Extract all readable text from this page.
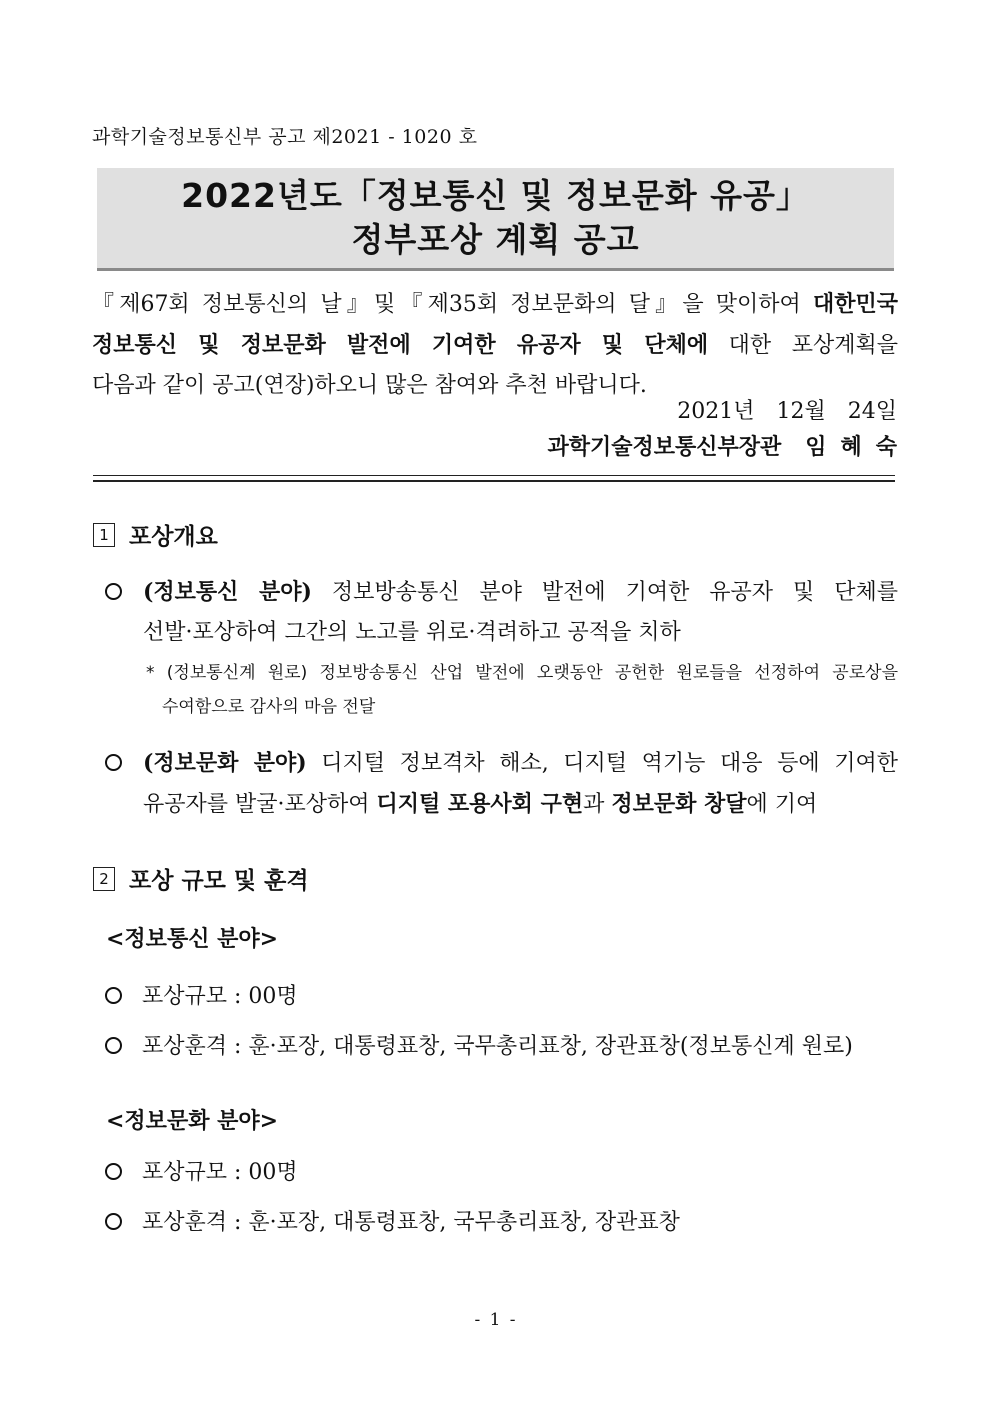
과학기술정보통신부 공고 제2021 - 1020 호
2022년도「정보통신 및 정보문화 유공」
정부포상 계획 공고

『제67회 정보통신의 날』및『제35회 정보문화의 달』을 맞이하여 대한민국

정보통신 및 정보문화 발전에 기여한 유공자 및 단체에 대한 포상계획을

다음과 같이 공고(연장)하오니 많은 참여와 추천 바랍니다.

2021년 12월 24일
과학기술정보통신부장관 임혜숙
1 포상개요

(정보통신 분야) 정보방송통신 분야 발전에 기여한 유공자 및 단체를

선발·포상하여 그간의 노고를 위로·격려하고 공적을 치하

* (정보통신계 원로) 정보방송통신 산업 발전에 오랫동안 공헌한 원로들을 선정하여 공로상을

수여함으로 감사의 마음 전달

(정보문화 분야) 디지털 정보격차 해소, 디지털 역기능 대응 등에 기여한

유공자를 발굴·포상하여 디지털 포용사회 구현과 정보문화 창달에 기여

2 포상 규모 및 훈격
<정보통신 분야>
포상규모 : 00명
포상훈격 : 훈·포장, 대통령표창, 국무총리표창, 장관표창(정보통신계 원로)
<정보문화 분야>
포상규모 : 00명
포상훈격 : 훈·포장, 대통령표창, 국무총리표창, 장관표창
- 1 -
